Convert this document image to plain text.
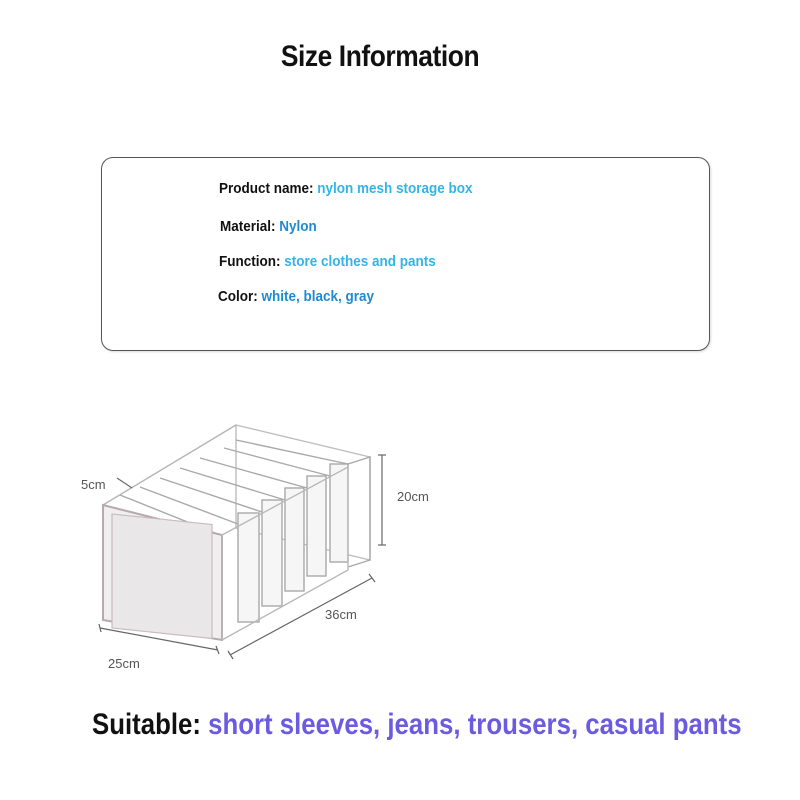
Size Information
Product name: nylon mesh storage box
Material: Nylon
Function: store clothes and pants
Color: white, black, gray
5cm
20cm
36cm
25cm
Suitable: short sleeves, jeans, trousers, casual pants
